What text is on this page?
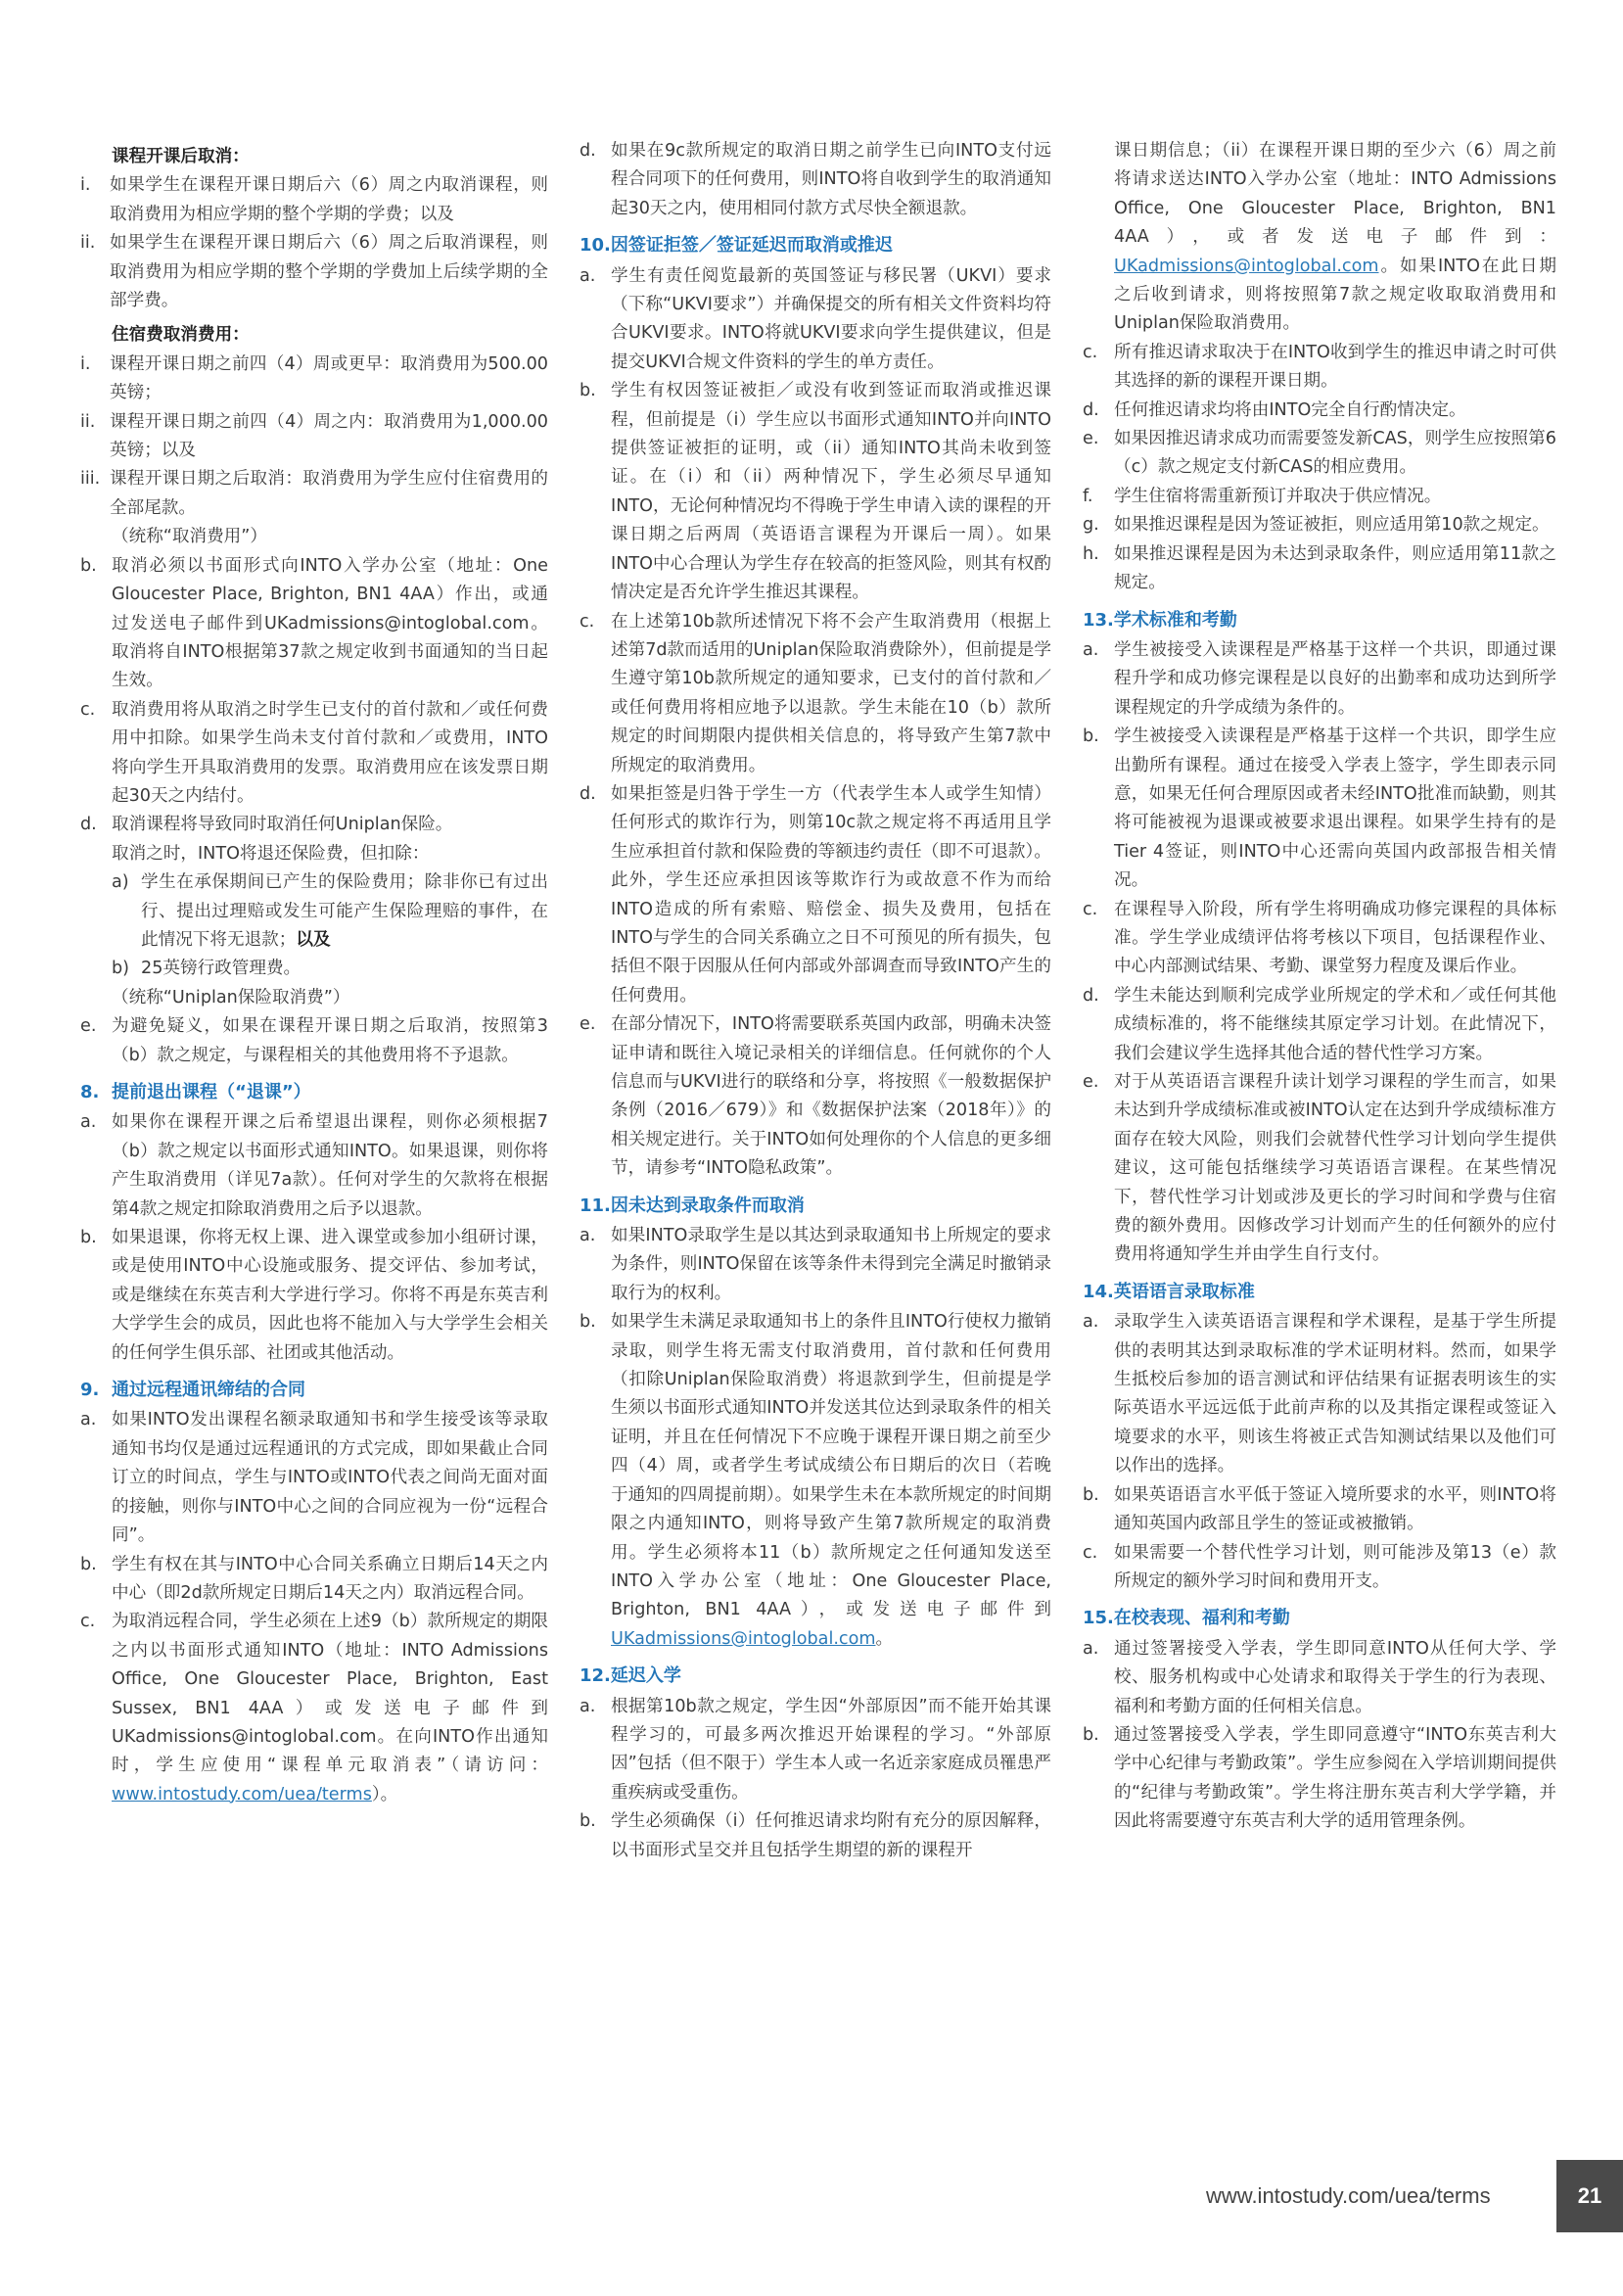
课程开课后取消：
i.	如果学生在课程开课日期后六（6）周之内取消课程，则取消费用为相应学期的整个学期的学费；以及
ii. 如果学生在课程开课日期后六（6）周之后取消课程，则取消费用为相应学期的整个学期的学费加上后续学期的全部学费。
住宿费取消费用：
i.	课程开课日期之前四（4）周或更早：取消费用为500.00英镑；
ii. 课程开课日期之前四（4）周之内：取消费用为1,000.00英镑；以及
iii. 课程开课日期之后取消：取消费用为学生应付住宿费用的全部尾款。
（统称“取消费用”）
b. 取消必须以书面形式向INTO入学办公室（地址：One Gloucester Place, Brighton, BN1 4AA）作出，或通过发送电子邮件到UKadmissions@intoglobal.com。取消将自INTO根据第37款之规定收到书面通知的当日起生效。
c. 取消费用将从取消之时学生已支付的首付款和／或任何费用中扣除。如果学生尚未支付首付款和／或费用，INTO将向学生开具取消费用的发票。取消费用应在该发票日期起30天之内结付。
d. 取消课程将导致同时取消任何Uniplan保险。
取消之时，INTO将退还保险费，但扣除：
a) 学生在承保期间已产生的保险费用；除非你已有过出行、提出过理赔或发生可能产生保险理赔的事件，在此情况下将无退款；以及
b) 25英镑行政管理费。
（统称“Uniplan保险取消费”）
e. 为避免疑义，如果在课程开课日期之后取消，按照第3（b）款之规定，与课程相关的其他费用将不予退款。
8. 提前退出课程（“退课”）
a. 如果你在课程开课之后希望退出课程，则你必须根据7（b）款之规定以书面形式通知INTO。如果退课，则你将产生取消费用（详见7a款）。任何对学生的欠款将在根据第4款之规定扣除取消费用之后予以退款。
b. 如果退课，你将无权上课、进入课堂或参加小组研讨课，或是使用INTO中心设施或服务、提交评估、参加考试，或是继续在东英吉利大学进行学习。你将不再是东英吉利大学学生会的成员，因此也将不能加入与大学学生会相关的任何学生俱乐部、社团或其他活动。
9. 通过远程通讯缔结的合同
a. 如果INTO发出课程名额录取通知书和学生接受该等录取通知书均仅是通过远程通讯的方式完成，即如果截止合同订立的时间点，学生与INTO或INTO代表之间尚无面对面的接触，则你与INTO中心之间的合同应视为一份“远程合同”。
b. 学生有权在其与INTO中心合同关系确立日期后14天之内中心（即2d款所规定日期后14天之内）取消远程合同。
c. 为取消远程合同，学生必须在上述9（b）款所规定的期限之内以书面形式通知INTO（地址：INTO Admissions Office, One Gloucester Place, Brighton, East Sussex, BN1 4AA）或发送电子邮件到UKadmissions@intoglobal.com。在向INTO作出通知时，学生应使用“课程单元取消表”（请访问：www.intostudy.com/uea/terms）。
d. 如果在9c款所规定的取消日期之前学生已向INTO支付远程合同项下的任何费用，则INTO将自收到学生的取消通知起30天之内，使用相同付款方式尽快全额退款。
10. 因签证拒签／签证延迟而取消或推迟
a. 学生有责任阅览最新的英国签证与移民署（UKVI）要求（下称“UKVI要求”）并确保提交的所有相关文件资料均符合UKVI要求。INTO将就UKVI要求向学生提供建议，但是提交UKVI合规文件资料的学生的单方责任。
b. 学生有权因签证被拒／或没有收到签证而取消或推迟课程，但前提是（i）学生应以书面形式通知INTO并向INTO提供签证被拒的证明，或（ii）通知INTO其尚未收到签证。在（i）和（ii）两种情况下，学生必须尽早通知INTO，无论何种情况均不得晚于学生申请入读的课程的开课日期之后两周（英语语言课程为开课后一周）。如果INTO中心合理认为学生存在较高的拒签风险，则其有权酌情决定是否允许学生推迟其课程。
c. 在上述第10b款所述情况下将不会产生取消费用（根据上述第7d款而适用的Uniplan保险取消费除外），但前提是学生遵守第10b款所规定的通知要求，已支付的首付款和／或任何费用将相应地予以退款。学生未能在10（b）款所规定的时间期限内提供相关信息的，将导致产生第7款中所规定的取消费用。
d. 如果拒签是归咎于学生一方（代表学生本人或学生知情）任何形式的欺诈行为，则第10c款之规定将不再适用且学生应承担首付款和保险费的等额违约责任（即不可退款）。此外，学生还应承担因该等欺诈行为或故意不作为而给INTO造成的所有索赔、赔偿金、损失及费用，包括在INTO与学生的合同关系确立之日不可预见的所有损失，包括但不限于因服从任何内部或外部调查而导致INTO产生的任何费用。
e. 在部分情况下，INTO将需要联系英国内政部，明确未决签证申请和既往入境记录相关的详细信息。任何就你的个人信息而与UKVI进行的联络和分享，将按照《一般数据保护条例（2016／679）》和《数据保护法案（2018年）》的相关规定进行。关于INTO如何处理你的个人信息的更多细节，请参考“INTO隐私政策”。
11. 因未达到录取条件而取消
a. 如果INTO录取学生是以其达到录取通知书上所规定的要求为条件，则INTO保留在该等条件未得到完全满足时撤销录取行为的权利。
b. 如果学生未满足录取通知书上的条件且INTO行使权力撤销录取，则学生将无需支付取消费用，首付款和任何费用（扣除Uniplan保险取消费）将退款到学生，但前提是学生须以书面形式通知INTO并发送其位达到录取条件的相关证明，并且在任何情况下不应晚于课程开课日期之前至少四（4）周，或者学生考试成绩公布日期后的次日（若晚于通知的四周提前期）。如果学生未在本款所规定的时间期限之内通知INTO，则将导致产生第7款所规定的取消费用。学生必须将本11（b）款所规定之任何通知发送至INTO入学办公室（地址：One Gloucester Place, Brighton, BN1 4AA），或发送电子邮件到UKadmissions@intoglobal.com。
12. 延迟入学
a. 根据第10b款之规定，学生因“外部原因”而不能开始其课程学习的，可最多两次推迟开始课程的学习。“外部原因”包括（但不限于）学生本人或一名近亲家庭成员罹患严重疾病或受重伤。
b. 学生必须确保（i）任何推迟请求均附有充分的原因解释，以书面形式呈交并且包括学生期望的新的课程开
课日期信息；（ii）在课程开课日期的至少六（6）周之前将请求送达INTO入学办公室（地址：INTO Admissions Office, One Gloucester Place, Brighton, BN1 4AA），或者发送电子邮件到：UKadmissions@intoglobal.com。如果INTO在此日期之后收到请求，则将按照第7款之规定收取取消费用和Uniplan保险取消费用。
c. 所有推迟请求取决于在INTO收到学生的推迟申请之时可供其选择的新的课程开课日期。
d. 任何推迟请求均将由INTO完全自行酌情决定。
e. 如果因推迟请求成功而需要签发新CAS，则学生应按照第6（c）款之规定支付新CAS的相应费用。
f.	学生住宿将需重新预订并取决于供应情况。
g. 如果推迟课程是因为签证被拒，则应适用第10款之规定。
h. 如果推迟课程是因为未达到录取条件，则应适用第11款之规定。
13. 学术标准和考勤
a. 学生被接受入读课程是严格基于这样一个共识，即通过课程升学和成功修完课程是以良好的出勤率和成功达到所学课程规定的升学成绩为条件的。
b. 学生被接受入读课程是严格基于这样一个共识，即学生应出勤所有课程。通过在接受入学表上签字，学生即表示同意，如果无任何合理原因或者未经INTO批准而缺勤，则其将可能被视为退课或被要求退出课程。如果学生持有的是Tier 4签证，则INTO中心还需向英国内政部报告相关情况。
c. 在课程导入阶段，所有学生将明确成功修完课程的具体标准。学生学业成绩评估将考核以下项目，包括课程作业、中心内部测试结果、考勤、课堂努力程度及课后作业。
d. 学生未能达到顺利完成学业所规定的学术和／或任何其他成绩标准的，将不能继续其原定学习计划。在此情况下，我们会建议学生选择其他合适的替代性学习方案。
e. 对于从英语语言课程升读计划学习课程的学生而言，如果未达到升学成绩标准或被INTO认定在达到升学成绩标准方面存在较大风险，则我们会就替代性学习计划向学生提供建议，这可能包括继续学习英语语言课程。在某些情况下，替代性学习计划或涉及更长的学习时间和学费与住宿费的额外费用。因修改学习计划而产生的任何额外的应付费用将通知学生并由学生自行支付。
14. 英语语言录取标准
a. 录取学生入读英语语言课程和学术课程，是基于学生所提供的表明其达到录取标准的学术证明材料。然而，如果学生抵校后参加的语言测试和评估结果有证据表明该生的实际英语水平远远低于此前声称的以及其指定课程或签证入境要求的水平，则该生将被正式告知测试结果以及他们可以作出的选择。
b. 如果英语语言水平低于签证入境所要求的水平，则INTO将通知英国内政部且学生的签证或被撤销。
c. 如果需要一个替代性学习计划，则可能涉及第13（e）款所规定的额外学习时间和费用开支。
15. 在校表现、福利和考勤
a. 通过签署接受入学表，学生即同意INTO从任何大学、学校、服务机构或中心处请求和取得关于学生的行为表现、福利和考勤方面的任何相关信息。
b. 通过签署接受入学表，学生即同意遵守“INTO东英吉利大学中心纪律与考勤政策”。学生应参阅在入学培训期间提供的“纪律与考勤政策”。学生将注册东英吉利大学学籍，并因此将需要遵守东英吉利大学的适用管理条例。
www.intostudy.com/uea/terms	21
